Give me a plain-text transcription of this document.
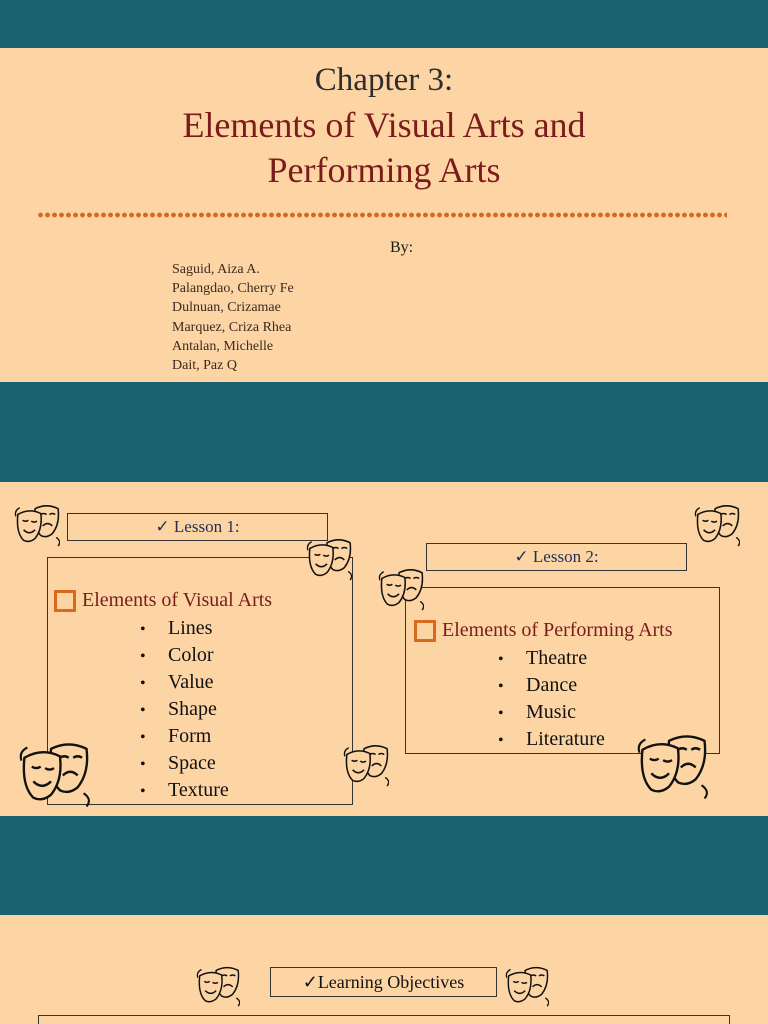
Chapter 3:
Elements of Visual Arts and
Performing Arts
By:
Saguid, Aiza A.
Palangdao, Cherry Fe
Dulnuan, Crizamae
Marquez, Criza Rhea
Antalan, Michelle
Dait, Paz Q
✓ Lesson 1:
Elements of Visual Arts
• Lines
• Color
• Value
• Shape
• Form
• Space
• Texture
✓ Lesson 2:
Elements of Performing Arts
• Theatre
• Dance
• Music
• Literature
✓Learning Objectives
